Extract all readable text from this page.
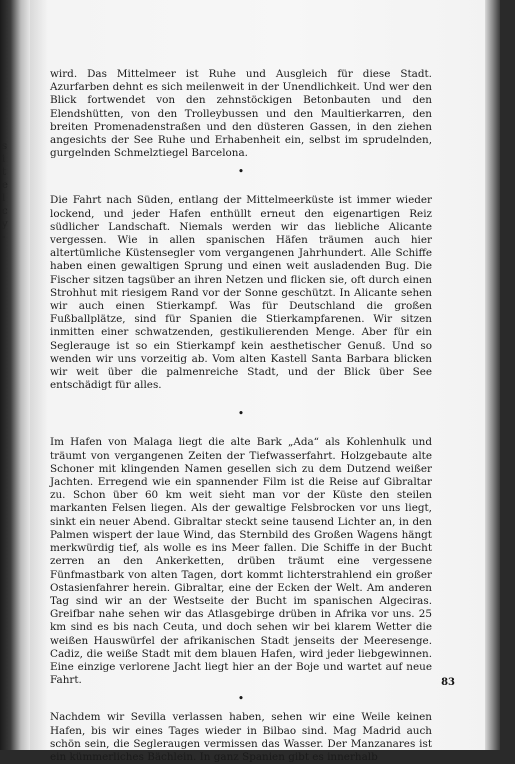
s
i
t
e
l
c
y
-

wird. Das Mittelmeer ist Ruhe und Ausgleich für diese Stadt. Azurfarben dehnt es sich meilenweit in der Unendlichkeit. Und wer den Blick fortwendet von den zehnstöckigen Betonbauten und den Elendshütten, von den Trolleybussen und den Maultierkarren, den breiten Promenadenstraßen und den düsteren Gassen, in den ziehen angesichts der See Ruhe und Erhabenheit ein, selbst im sprudelnden, gurgelnden Schmelztiegel Barcelona.

•

Die Fahrt nach Süden, entlang der Mittelmeerküste ist immer wieder lockend, und jeder Hafen enthüllt erneut den eigenartigen Reiz südlicher Landschaft. Niemals werden wir das liebliche Alicante vergessen. Wie in allen spanischen Häfen träumen auch hier altertümliche Küstensegler vom vergangenen Jahrhundert. Alle Schiffe haben einen gewaltigen Sprung und einen weit ausladenden Bug. Die Fischer sitzen tagsüber an ihren Netzen und flicken sie, oft durch einen Strohhut mit riesigem Rand vor der Sonne geschützt. In Alicante sehen wir auch einen Stierkampf. Was für Deutschland die großen Fußballplätze, sind für Spanien die Stierkampfarenen. Wir sitzen inmitten einer schwatzenden, gestikulierenden Menge. Aber für ein Seglerauge ist so ein Stierkampf kein aesthetischer Genuß. Und so wenden wir uns vorzeitig ab. Vom alten Kastell Santa Barbara blicken wir weit über die palmenreiche Stadt, und der Blick über See entschädigt für alles.

•

Im Hafen von Malaga liegt die alte Bark „Ada“ als Kohlenhulk und träumt von vergangenen Zeiten der Tiefwasserfahrt. Holzgebaute alte Schoner mit klingenden Namen gesellen sich zu dem Dutzend weißer Jachten. Erregend wie ein spannender Film ist die Reise auf Gibraltar zu. Schon über 60 km weit sieht man vor der Küste den steilen markanten Felsen liegen. Als der gewaltige Felsbrocken vor uns liegt, sinkt ein neuer Abend. Gibraltar steckt seine tausend Lichter an, in den Palmen wispert der laue Wind, das Sternbild des Großen Wagens hängt merkwürdig tief, als wolle es ins Meer fallen. Die Schiffe in der Bucht zerren an den Ankerketten, drüben träumt eine vergessene Fünfmastbark von alten Tagen, dort kommt lichterstrahlend ein großer Ostasienfahrer herein. Gibraltar, eine der Ecken der Welt. Am anderen Tag sind wir an der Westseite der Bucht im spanischen Algeciras. Greifbar nahe sehen wir das Atlasgebirge drüben in Afrika vor uns. 25 km sind es bis nach Ceuta, und doch sehen wir bei klarem Wetter die weißen Hauswürfel der afrikanischen Stadt jenseits der Meeresenge. Cadiz, die weiße Stadt mit dem blauen Hafen, wird jeder liebgewinnen. Eine einzige verlorene Jacht liegt hier an der Boje und wartet auf neue Fahrt.

•

Nachdem wir Sevilla verlassen haben, sehen wir eine Weile keinen Hafen, bis wir eines Tages wieder in Bilbao sind. Mag Madrid auch schön sein, die Segleraugen vermissen das Wasser. Der Manzanares ist ein kümmerliches Bächlein. In ganz Spanien gibt es innerhalb

83
